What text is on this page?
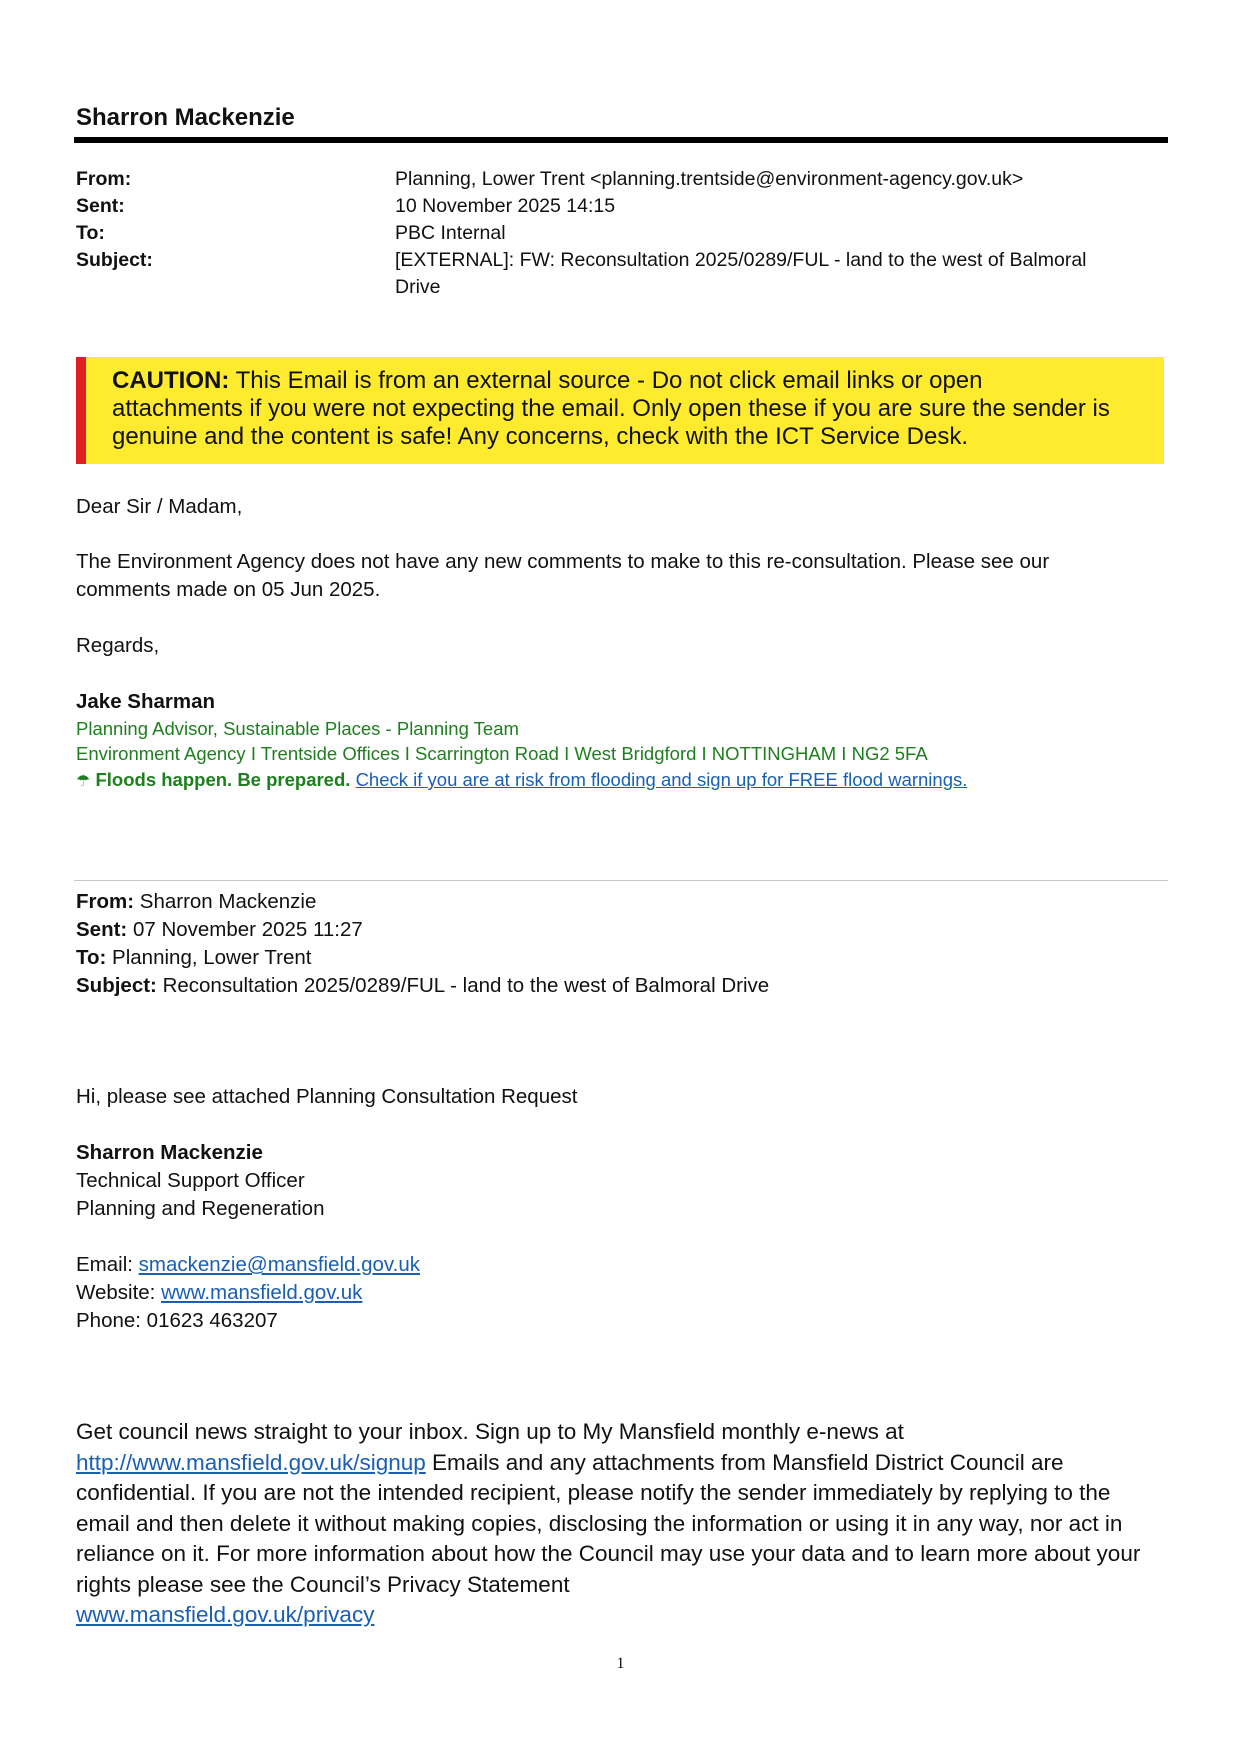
Sharron Mackenzie
From:	Planning, Lower Trent <planning.trentside@environment-agency.gov.uk>
Sent:	10 November 2025 14:15
To:	PBC Internal
Subject:	[EXTERNAL]: FW: Reconsultation 2025/0289/FUL - land to the west of Balmoral
Drive
CAUTION: This Email is from an external source - Do not click email links or open
attachments if you were not expecting the email. Only open these if you are sure the sender is
genuine and the content is safe! Any concerns, check with the ICT Service Desk.

Dear Sir / Madam,

The Environment Agency does not have any new comments to make to this re-consultation. Please see our
comments made on 05 Jun 2025.

Regards,

Jake Sharman

Planning Advisor, Sustainable Places - Planning Team

Environment Agency I Trentside Offices I Scarrington Road I West Bridgford I NOTTINGHAM I NG2 5FA

☂ Floods happen. Be prepared. Check if you are at risk from flooding and sign up for FREE flood warnings.

From: Sharron Mackenzie

Sent: 07 November 2025 11:27

To: Planning, Lower Trent

Subject: Reconsultation 2025/0289/FUL - land to the west of Balmoral Drive

Hi, please see attached Planning Consultation Request

Sharron Mackenzie

Technical Support Officer

Planning and Regeneration

Email: smackenzie@mansfield.gov.uk

Website: www.mansfield.gov.uk

Phone: 01623 463207

Get council news straight to your inbox. Sign up to My Mansfield monthly e-news at
http://www.mansfield.gov.uk/signup Emails and any attachments from Mansfield District Council are confidential. If you are not the intended recipient, please notify the sender immediately by replying to the email and then delete it without making copies, disclosing the information or using it in any way, nor act in reliance on it. For more information about how the Council may use your data and to learn more about your rights please see the Council’s Privacy Statement
www.mansfield.gov.uk/privacy

1
